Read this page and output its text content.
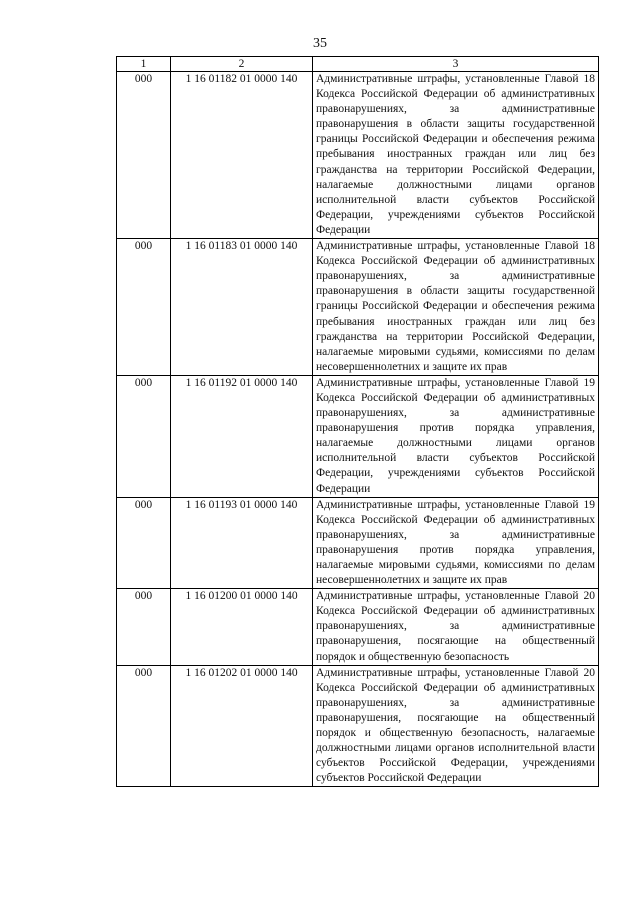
35
1	2	3
000	1 16 01182 01 0000 140	Административные штрафы, установленные Главой 18 Кодекса Российской Федерации об административных правонарушениях, за административные правонарушения в области защиты государственной границы Российской Федерации и обеспечения режима пребывания иностранных граждан или лиц без гражданства на территории Российской Федерации, налагаемые должностными лицами органов исполнительной власти субъектов Российской Федерации, учреждениями субъектов Российской Федерации
000	1 16 01183 01 0000 140	Административные штрафы, установленные Главой 18 Кодекса Российской Федерации об административных правонарушениях, за административные правонарушения в области защиты государственной границы Российской Федерации и обеспечения режима пребывания иностранных граждан или лиц без гражданства на территории Российской Федерации, налагаемые мировыми судьями, комиссиями по делам несовершеннолетних и защите их прав
000	1 16 01192 01 0000 140	Административные штрафы, установленные Главой 19 Кодекса Российской Федерации об административных правонарушениях, за административные правонарушения против порядка управления, налагаемые должностными лицами органов исполнительной власти субъектов Российской Федерации, учреждениями субъектов Российской Федерации
000	1 16 01193 01 0000 140	Административные штрафы, установленные Главой 19 Кодекса Российской Федерации об административных правонарушениях, за административные правонарушения против порядка управления, налагаемые мировыми судьями, комиссиями по делам несовершеннолетних и защите их прав
000	1 16 01200 01 0000 140	Административные штрафы, установленные Главой 20 Кодекса Российской Федерации об административных правонарушениях, за административные правонарушения, посягающие на общественный порядок и общественную безопасность
000	1 16 01202 01 0000 140	Административные штрафы, установленные Главой 20 Кодекса Российской Федерации об административных правонарушениях, за административные правонарушения, посягающие на общественный порядок и общественную безопасность, налагаемые должностными лицами органов исполнительной власти субъектов Российской Федерации, учреждениями субъектов Российской Федерации
